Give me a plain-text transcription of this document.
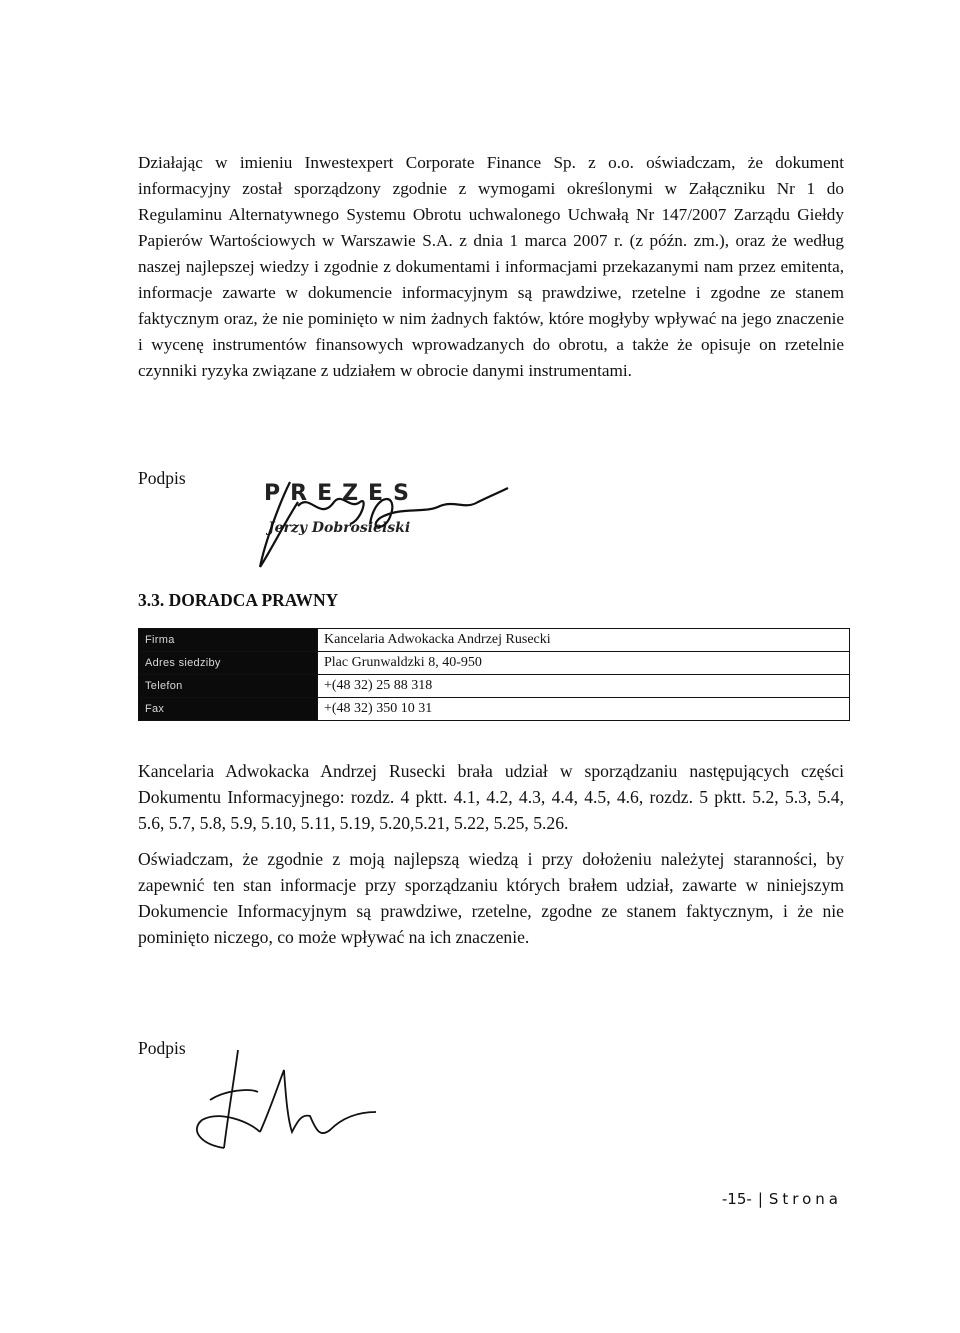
Działając w imieniu Inwestexpert Corporate Finance Sp. z o.o. oświadczam, że dokument informacyjny został sporządzony zgodnie z wymogami określonymi w Załączniku Nr 1 do Regulaminu Alternatywnego Systemu Obrotu uchwalonego Uchwałą Nr 147/2007 Zarządu Giełdy Papierów Wartościowych w Warszawie S.A. z dnia 1 marca 2007 r. (z późn. zm.), oraz że według naszej najlepszej wiedzy i zgodnie z dokumentami i informacjami przekazanymi nam przez emitenta, informacje zawarte w dokumencie informacyjnym są prawdziwe, rzetelne i zgodne ze stanem faktycznym oraz, że nie pominięto w nim żadnych faktów, które mogłyby wpływać na jego znaczenie i wycenę instrumentów finansowych wprowadzanych do obrotu, a także że opisuje on rzetelnie czynniki ryzyka związane z udziałem w obrocie danymi instrumentami.

Podpis
PREZES
Jerzy Dobrosielski
3.3. DORADCA PRAWNY
Firma	Kancelaria Adwokacka Andrzej Rusecki
Adres siedziby	Plac Grunwaldzki 8, 40-950
Telefon	+(48 32) 25 88 318
Fax	+(48 32) 350 10 31

Kancelaria Adwokacka Andrzej Rusecki brała udział w sporządzaniu następujących części Dokumentu Informacyjnego: rozdz. 4 pktt. 4.1, 4.2, 4.3, 4.4, 4.5, 4.6, rozdz. 5 pktt. 5.2, 5.3, 5.4, 5.6, 5.7, 5.8, 5.9, 5.10, 5.11, 5.19, 5.20,5.21, 5.22, 5.25, 5.26.

Oświadczam, że zgodnie z moją najlepszą wiedzą i przy dołożeniu należytej staranności, by zapewnić ten stan informacje przy sporządzaniu których brałem udział, zawarte w niniejszym Dokumencie Informacyjnym są prawdziwe, rzetelne, zgodne ze stanem faktycznym, i że nie pominięto niczego, co może wpływać na ich znaczenie.

Podpis
-15- | Strona
